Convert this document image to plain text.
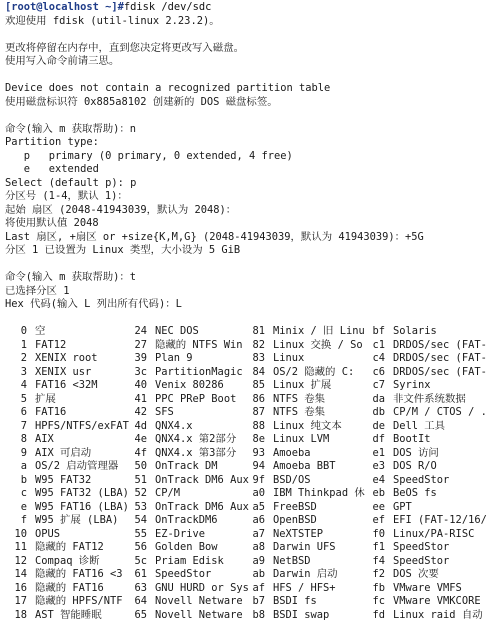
[root@localhost ~]#fdisk /dev/sdc
欢迎使用 fdisk (util-linux 2.23.2)。
更改将停留在内存中，直到您决定将更改写入磁盘。
使用写入命令前请三思。
Device does not contain a recognized partition table
使用磁盘标识符 0x885a8102 创建新的 DOS 磁盘标签。
命令(输入 m 获取帮助)：n
Partition type:
p   primary (0 primary, 0 extended, 4 free)
e   extended
Select (default p): p
分区号 (1-4，默认 1)：
起始 扇区 (2048-41943039，默认为 2048)：
将使用默认值 2048
Last 扇区, +扇区 or +size{K,M,G} (2048-41943039，默认为 41943039)：+5G
分区 1 已设置为 Linux 类型，大小设为 5 GiB
命令(输入 m 获取帮助)：t
已选择分区 1
Hex 代码(输入 L 列出所有代码)：L
0 空	24 NEC DOS	81 Minix / 旧 Linu bf Solaris
1 FAT12	27 隐藏的 NTFS Win 82 Linux 交换 / So c1 DRDOS/sec (FAT-
2 XENIX root	39 Plan 9	83 Linux	c4 DRDOS/sec (FAT-
3 XENIX usr	3c PartitionMagic 84 OS/2 隐藏的 C:	c6 DRDOS/sec (FAT-
4 FAT16 <32M	40 Venix 80286	85 Linux 扩展	c7 Syrinx
5 扩展	41 PPC PReP Boot	86 NTFS 卷集	da 非文件系统数据
6 FAT16	42 SFS	87 NTFS 卷集	db CP/M / CTOS / .
7 HPFS/NTFS/exFAT 4d QNX4.x	88 Linux 纯文本	de Dell 工具
8 AIX	4e QNX4.x 第2部分	8e Linux LVM	df BootIt
9 AIX 可启动	4f QNX4.x 第3部分	93 Amoeba	e1 DOS 访问
a OS/2 启动管理器	50 OnTrack DM	94 Amoeba BBT	e3 DOS R/O
b W95 FAT32	51 OnTrack DM6 Aux 9f BSD/OS	e4 SpeedStor
c W95 FAT32 (LBA) 52 CP/M	a0 IBM Thinkpad 休 eb BeOS fs
e W95 FAT16 (LBA) 53 OnTrack DM6 Aux a5 FreeBSD	ee GPT
f W95 扩展 (LBA)	54 OnTrackDM6	a6 OpenBSD	ef EFI (FAT-12/16/
10 OPUS	55 EZ-Drive	a7 NeXTSTEP	f0 Linux/PA-RISC
11 隐藏的 FAT12	56 Golden Bow	a8 Darwin UFS	f1 SpeedStor
12 Compaq 诊断	5c Priam Edisk	a9 NetBSD	f4 SpeedStor
14 隐藏的 FAT16 <3	61 SpeedStor	ab Darwin 启动	f2 DOS 次要
16 隐藏的 FAT16	63 GNU HURD or Sys af HFS / HFS+	fb VMware VMFS
17 隐藏的 HPFS/NTF	64 Novell Netware b7 BSDI fs	fc VMware VMKCORE
18 AST 智能睡眠	65 Novell Netware b8 BSDI swap	fd Linux raid 自动
